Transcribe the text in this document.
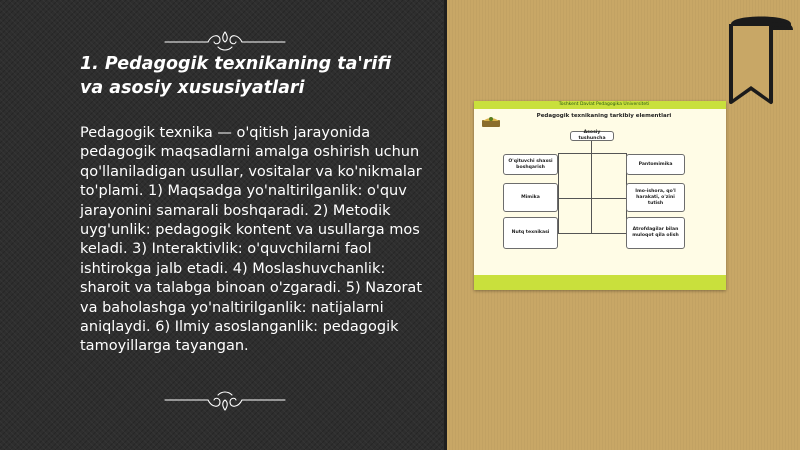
1. Pedagogik texnikaning ta'rifi va asosiy xususiyatlari

Pedagogik texnika — o'qitish jarayonida pedagogik maqsadlarni amalga oshirish uchun qo'llaniladigan usullar, vositalar va ko'nikmalar to'plami. 1) Maqsadga yo'naltirilganlik: o'quv jarayonini samarali boshqaradi. 2) Metodik uyg'unlik: pedagogik kontent va usullarga mos keladi. 3) Interaktivlik: o'quvchilarni faol ishtirokga jalb etadi. 4) Moslashuvchanlik: sharoit va talabga binoan o'zgaradi. 5) Nazorat va baholashga yo'naltirilganlik: natijalarni aniqlaydi. 6) Ilmiy asoslanganlik: pedagogik tamoyillarga tayangan.

Toshkent Davlat Pedagogika Universiteti
Pedagogik texnikaning tarkibiy elementlari
Asosiy tushuncha
O'qituvchi shaxsi boshqarish
Mimika
Nutq texnikasi
Pantomimika
Imo-ishora, qo'l harakati, o'zini tutish
Atrofdagilar bilan muloqot qila olish
